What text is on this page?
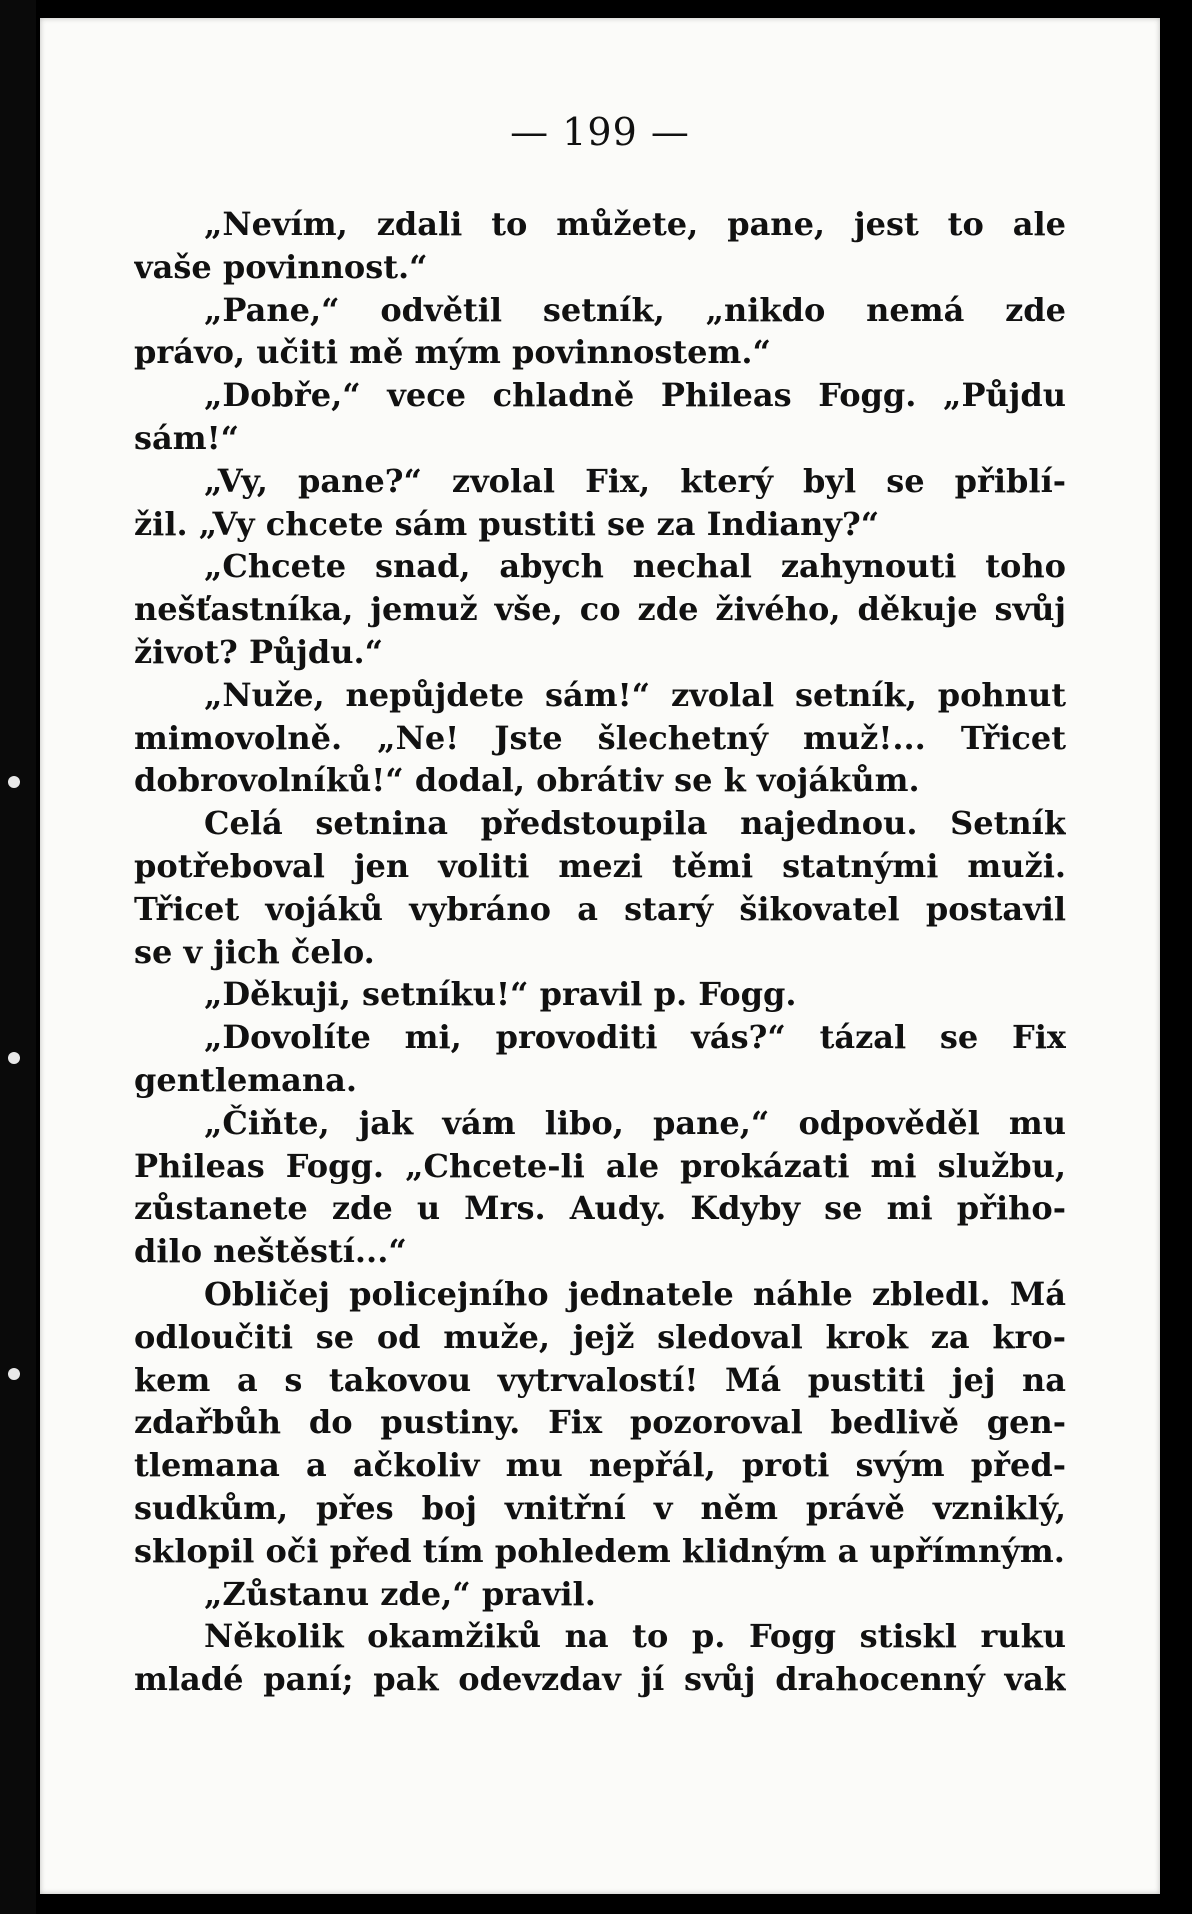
— 199 —
„Nevím, zdali to můžete, pane, jest to ale
vaše povinnost.“
„Pane,“ odvětil setník, „nikdo nemá zde
právo, učiti mě mým povinnostem.“
„Dobře,“ vece chladně Phileas Fogg. „Půjdu
sám!“
„Vy, pane?“ zvolal Fix, který byl se přiblí-
žil. „Vy chcete sám pustiti se za Indiany?“
„Chcete snad, abych nechal zahynouti toho
nešťastníka, jemuž vše, co zde živého, děkuje svůj
život? Půjdu.“
„Nuže, nepůjdete sám!“ zvolal setník, pohnut
mimovolně. „Ne! Jste šlechetný muž!... Třicet
dobrovolníků!“ dodal, obrátiv se k vojákům.
Celá setnina předstoupila najednou. Setník
potřeboval jen voliti mezi těmi statnými muži.
Třicet vojáků vybráno a starý šikovatel postavil
se v jich čelo.
„Děkuji, setníku!“ pravil p. Fogg.
„Dovolíte mi, provoditi vás?“ tázal se Fix
gentlemana.
„Čiňte, jak vám libo, pane,“ odpověděl mu
Phileas Fogg. „Chcete-li ale prokázati mi službu,
zůstanete zde u Mrs. Audy. Kdyby se mi přiho-
dilo neštěstí...“
Obličej policejního jednatele náhle zbledl. Má
odloučiti se od muže, jejž sledoval krok za kro-
kem a s takovou vytrvalostí! Má pustiti jej na
zdařbůh do pustiny. Fix pozoroval bedlivě gen-
tlemana a ačkoliv mu nepřál, proti svým před-
sudkům, přes boj vnitřní v něm právě vzniklý,
sklopil oči před tím pohledem klidným a upřímným.
„Zůstanu zde,“ pravil.
Několik okamžiků na to p. Fogg stiskl ruku
mladé paní; pak odevzdav jí svůj drahocenný vak
